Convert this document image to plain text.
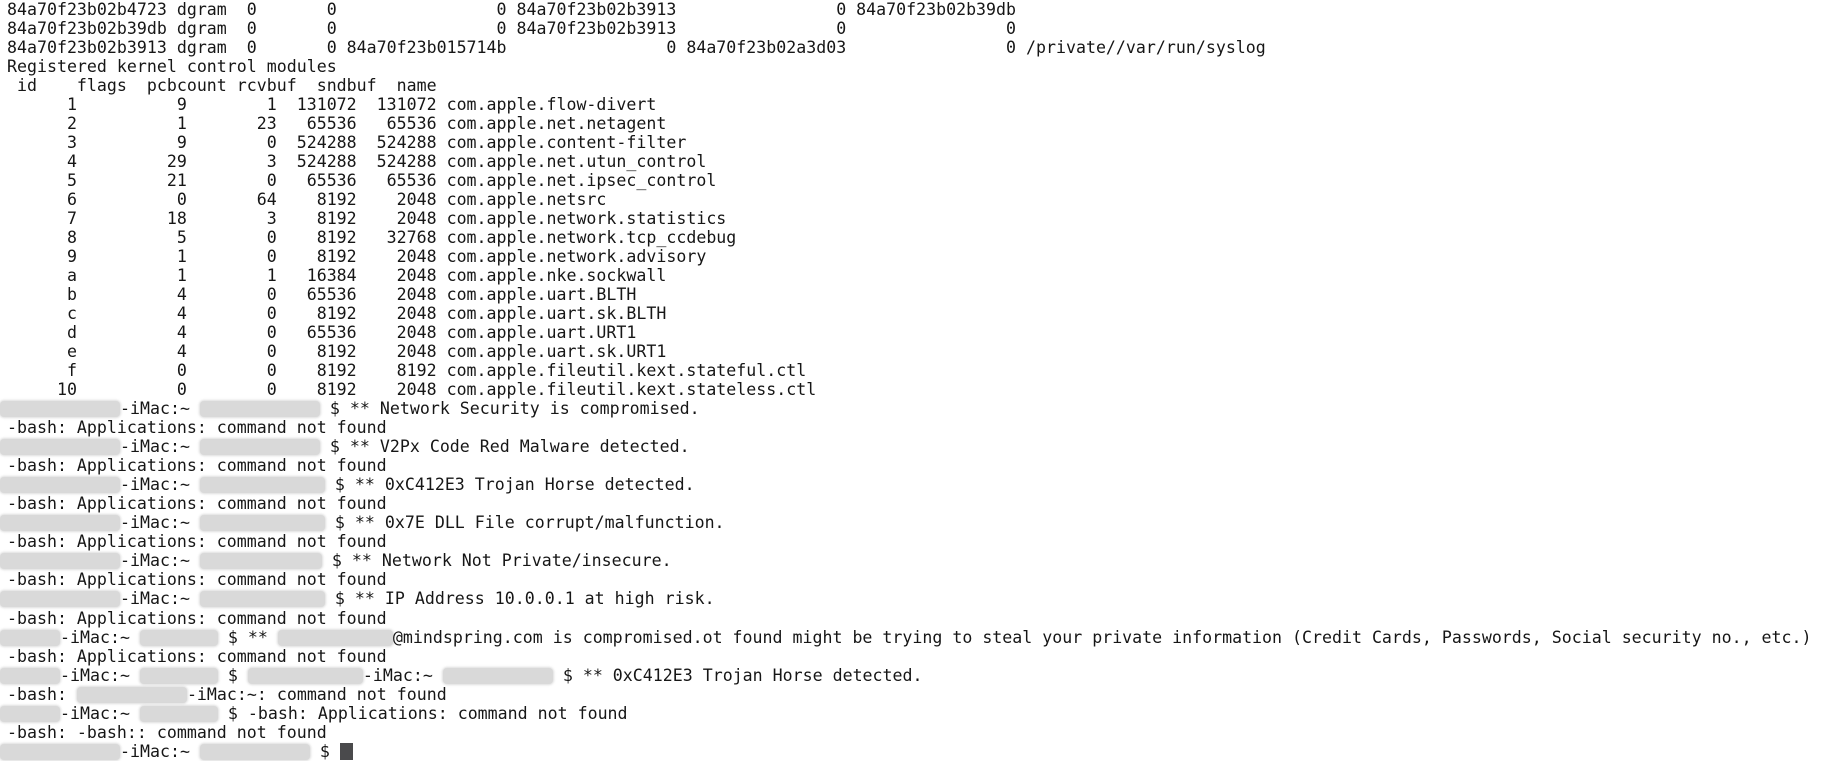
84a70f23b02b4723 dgram  0       0                0 84a70f23b02b3913                0 84a70f23b02b39db
84a70f23b02b39db dgram  0       0                0 84a70f23b02b3913                0                0
84a70f23b02b3913 dgram  0       0 84a70f23b015714b                0 84a70f23b02a3d03                0 /private//var/run/syslog
Registered kernel control modules
id    flags  pcbcount rcvbuf  sndbuf  name
1          9        1  131072  131072 com.apple.flow-divert
2          1       23   65536   65536 com.apple.net.netagent
3          9        0  524288  524288 com.apple.content-filter
4         29        3  524288  524288 com.apple.net.utun_control
5         21        0   65536   65536 com.apple.net.ipsec_control
6          0       64    8192    2048 com.apple.netsrc
7         18        3    8192    2048 com.apple.network.statistics
8          5        0    8192   32768 com.apple.network.tcp_ccdebug
9          1        0    8192    2048 com.apple.network.advisory
a          1        1   16384    2048 com.apple.nke.sockwall
b          4        0   65536    2048 com.apple.uart.BLTH
c          4        0    8192    2048 com.apple.uart.sk.BLTH
d          4        0   65536    2048 com.apple.uart.URT1
e          4        0    8192    2048 com.apple.uart.sk.URT1
f          0        0    8192    8192 com.apple.fileutil.kext.stateful.ctl
10          0        0    8192    2048 com.apple.fileutil.kext.stateless.ctl
-iMac:~	$ ** Network Security is compromised.
-bash: Applications: command not found
-iMac:~	$ ** V2Px Code Red Malware detected.
-bash: Applications: command not found
-iMac:~	$ ** 0xC412E3 Trojan Horse detected.
-bash: Applications: command not found
-iMac:~	$ ** 0x7E DLL File corrupt/malfunction.
-bash: Applications: command not found
-iMac:~	$ ** Network Not Private/insecure.
-bash: Applications: command not found
-iMac:~	$ ** IP Address 10.0.0.1 at high risk.
-bash: Applications: command not found
-iMac:~	$ **	@mindspring.com is compromised.ot found might be trying to steal your private information (Credit Cards, Passwords, Social security no., etc.)
-bash: Applications: command not found
-iMac:~	$	-iMac:~	$ ** 0xC412E3 Trojan Horse detected.
-bash:	-iMac:~: command not found
-iMac:~	$ -bash: Applications: command not found
-bash: -bash:: command not found
-iMac:~	$
